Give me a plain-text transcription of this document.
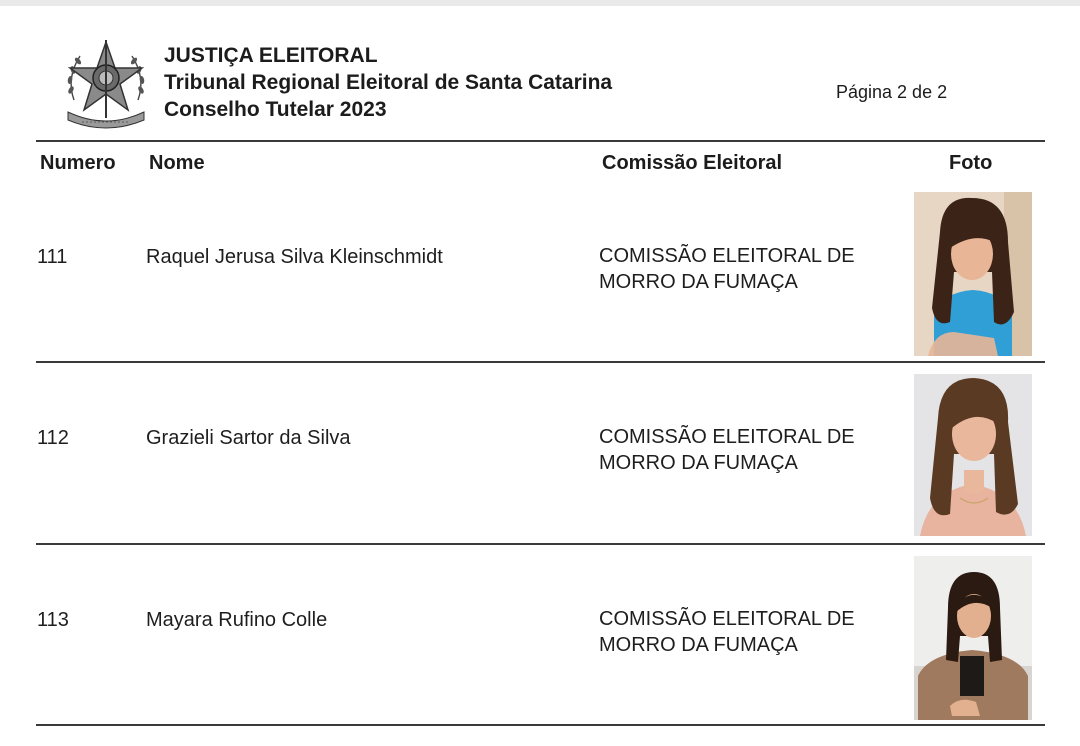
JUSTIÇA ELEITORAL
Tribunal Regional Eleitoral de Santa Catarina
Conselho Tutelar 2023
Página 2 de 2
Numero Nome	Comissão Eleitoral	Foto
111	Raquel Jerusa Silva Kleinschmidt	COMISSÃO ELEITORAL DE
MORRO DA FUMAÇA
112	Grazieli Sartor da Silva	COMISSÃO ELEITORAL DE
MORRO DA FUMAÇA
113	Mayara Rufino Colle	COMISSÃO ELEITORAL DE
MORRO DA FUMAÇA
